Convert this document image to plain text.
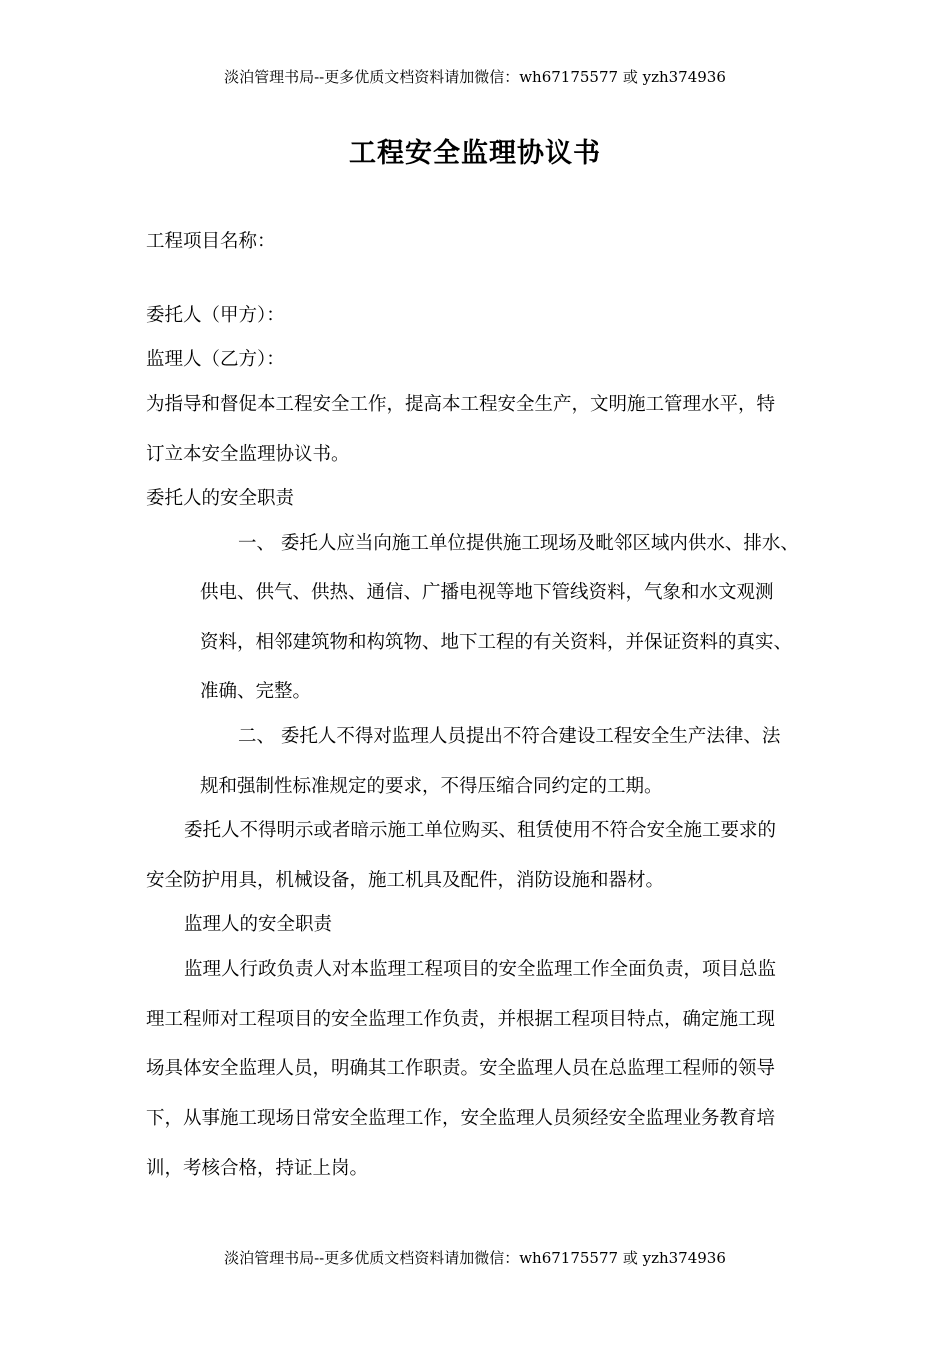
淡泊管理书局--更多优质文档资料请加微信：wh67175577 或 yzh374936
工程安全监理协议书
工程项目名称：
委托人（甲方）：
监理人（乙方）：
为指导和督促本工程安全工作，提高本工程安全生产，文明施工管理水平，特
订立本安全监理协议书。
委托人的安全职责
一、 委托人应当向施工单位提供施工现场及毗邻区域内供水、排水、
供电、供气、供热、通信、广播电视等地下管线资料，气象和水文观测
资料，相邻建筑物和构筑物、地下工程的有关资料，并保证资料的真实、
准确、完整。
二、 委托人不得对监理人员提出不符合建设工程安全生产法律、法
规和强制性标准规定的要求，不得压缩合同约定的工期。
委托人不得明示或者暗示施工单位购买、租赁使用不符合安全施工要求的
安全防护用具，机械设备，施工机具及配件，消防设施和器材。
监理人的安全职责
监理人行政负责人对本监理工程项目的安全监理工作全面负责，项目总监
理工程师对工程项目的安全监理工作负责，并根据工程项目特点，确定施工现
场具体安全监理人员，明确其工作职责。安全监理人员在总监理工程师的领导
下，从事施工现场日常安全监理工作，安全监理人员须经安全监理业务教育培
训，考核合格，持证上岗。
淡泊管理书局--更多优质文档资料请加微信：wh67175577 或 yzh374936
